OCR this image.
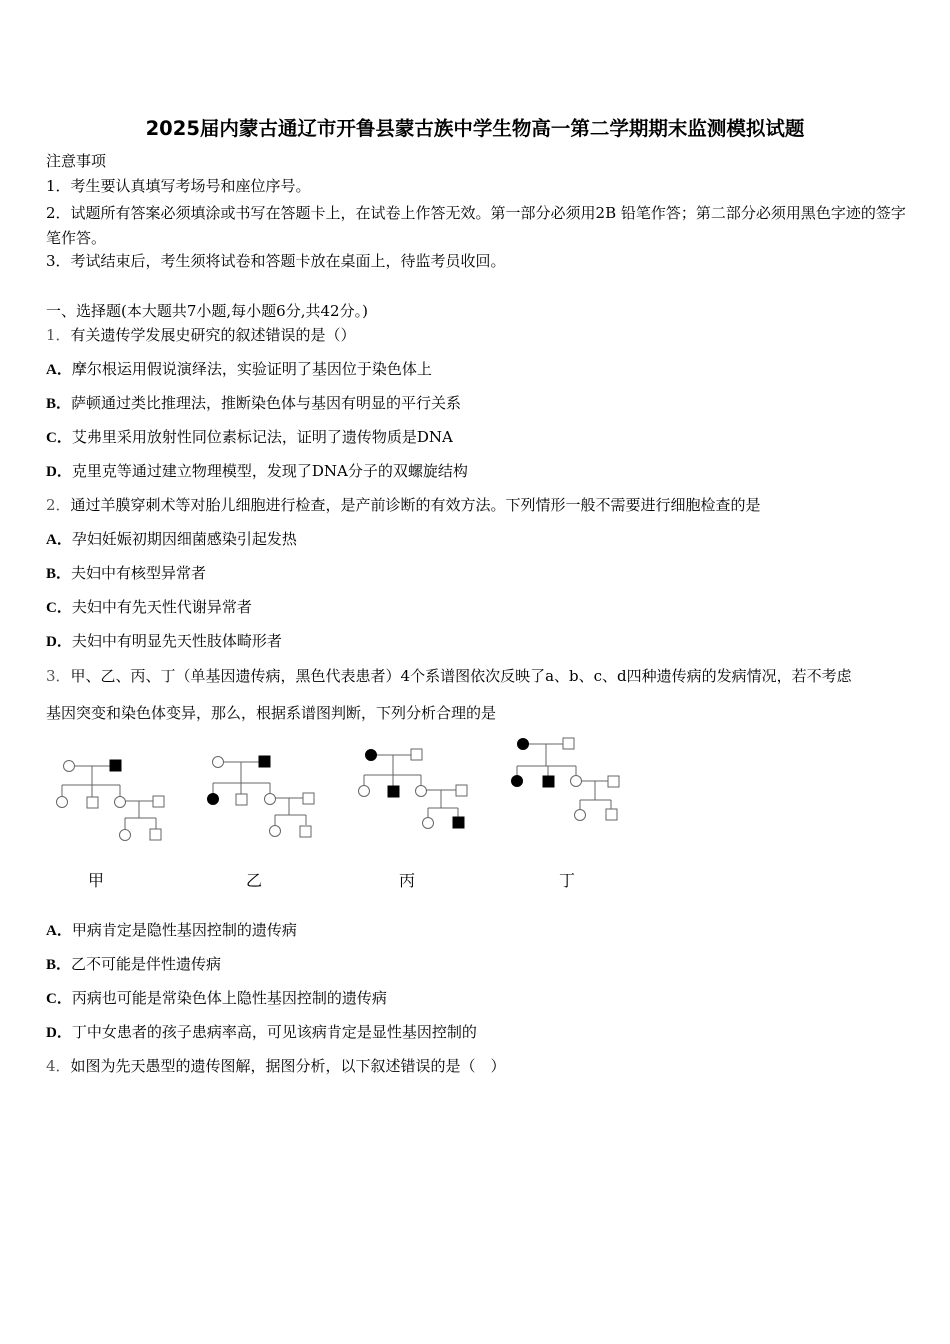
2025届内蒙古通辽市开鲁县蒙古族中学生物高一第二学期期末监测模拟试题
注意事项
1．考生要认真填写考场号和座位序号。
2．试题所有答案必须填涂或书写在答题卡上，在试卷上作答无效。第一部分必须用2B 铅笔作答；第二部分必须用黑色字迹的签字笔作答。
3．考试结束后，考生须将试卷和答题卡放在桌面上，待监考员收回。
一、选择题(本大题共7小题,每小题6分,共42分。)
1．有关遗传学发展史研究的叙述错误的是（）
A．摩尔根运用假说演绎法，实验证明了基因位于染色体上
B．萨顿通过类比推理法，推断染色体与基因有明显的平行关系
C．艾弗里采用放射性同位素标记法，证明了遗传物质是DNA
D．克里克等通过建立物理模型，发现了DNA分子的双螺旋结构
2．通过羊膜穿刺术等对胎儿细胞进行检查，是产前诊断的有效方法。下列情形一般不需要进行细胞检查的是
A．孕妇妊娠初期因细菌感染引起发热
B．夫妇中有核型异常者
C．夫妇中有先天性代谢异常者
D．夫妇中有明显先天性肢体畸形者
3．甲、乙、丙、丁（单基因遗传病，黑色代表患者）4个系谱图依次反映了a、b、c、d四种遗传病的发病情况，若不考虑
基因突变和染色体变异，那么，根据系谱图判断，下列分析合理的是
甲	乙	丙	丁
A．甲病肯定是隐性基因控制的遗传病
B．乙不可能是伴性遗传病
C．丙病也可能是常染色体上隐性基因控制的遗传病
D．丁中女患者的孩子患病率高，可见该病肯定是显性基因控制的
4．如图为先天愚型的遗传图解，据图分析，以下叙述错误的是（　）
